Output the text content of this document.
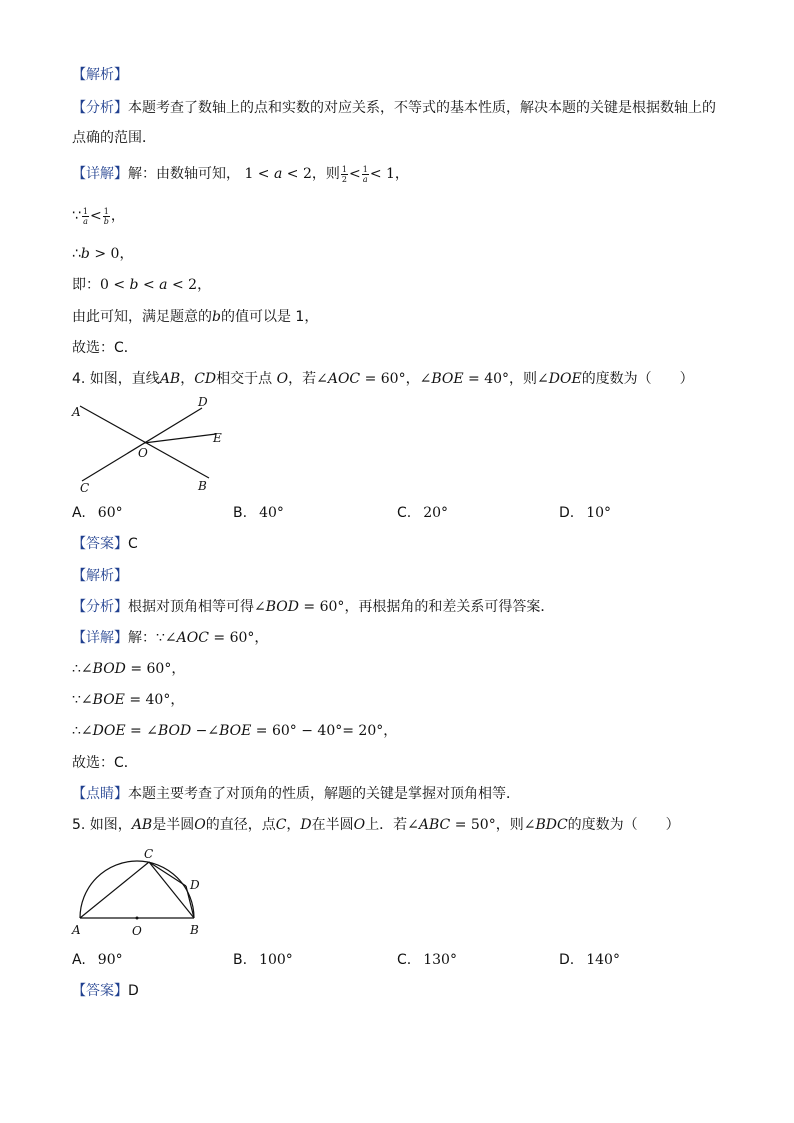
【解析】
【分析】本题考查了数轴上的点和实数的对应关系，不等式的基本性质，解决本题的关键是根据数轴上的
点确的范围．
【详解】解：由数轴可知， 1 < a < 2，则 $\frac{1}{2} < \frac{1}{a} < 1$，
∵ $\frac{1}{a} < \frac{1}{b}$ ，
∴b > 0，
即：0 < b < a < 2，
由此可知，满足题意的b的值可以是 1，
故选：C．
4. 如图，直线AB，CD相交于点 O，若∠AOC = 60°，∠BOE = 40°，则∠DOE的度数为（　　）
A
D
E
O
C	B
A. 60°	B. 40°	C. 20°	D. 10°
【答案】C
【解析】
【分析】根据对顶角相等可得∠BOD = 60°，再根据角的和差关系可得答案．
【详解】解：∵∠AOC = 60°，
∴∠BOD = 60°，
∵∠BOE = 40°，
∴∠DOE = ∠BOD −∠BOE = 60° − 40°= 20°，
故选：C．
【点睛】本题主要考查了对顶角的性质，解题的关键是掌握对顶角相等．
5. 如图，AB是半圆O的直径，点C，D在半圆O上．若∠ABC = 50°，则∠BDC的度数为（　　）
C
D
A	O	B
A. 90°	B. 100°	C. 130°	D. 140°
【答案】D
